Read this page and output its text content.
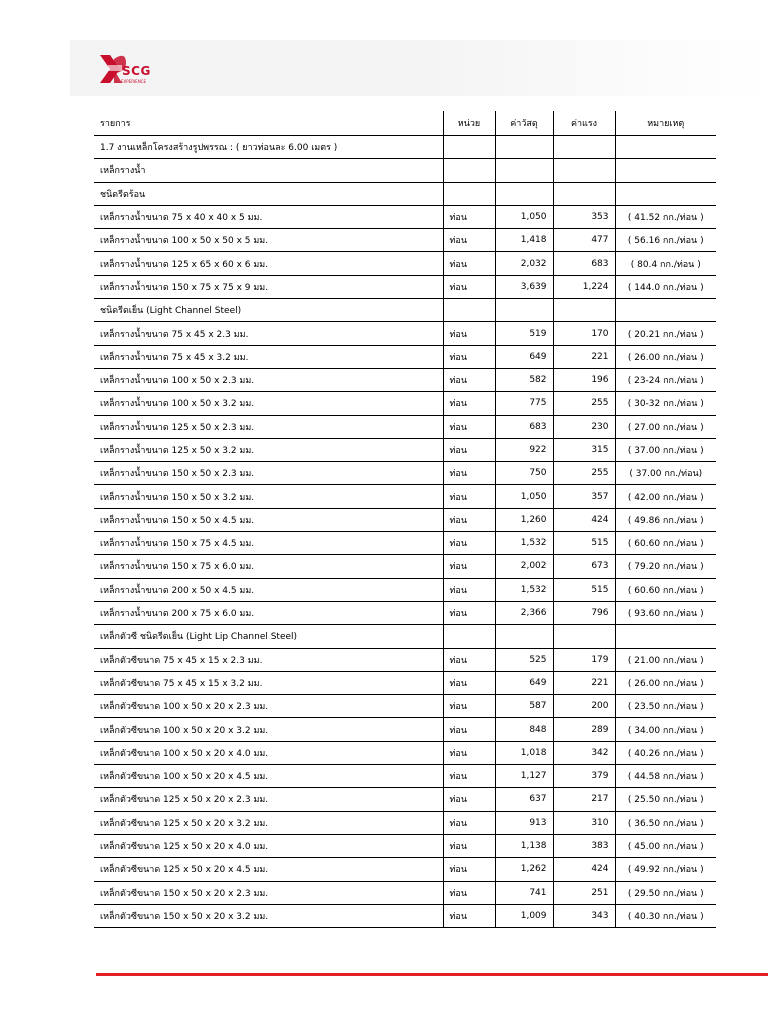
SCG
EXPERIENCE
รายการ	หน่วย	ค่าวัสดุ	ค่าแรง	หมายเหตุ
1.7 งานเหล็กโครงสร้างรูปพรรณ : ( ยาวท่อนละ 6.00 เมตร )				
เหล็กรางน้ำ				
ชนิดรีดร้อน				
เหล็กรางน้ำขนาด 75 x 40 x 40 x 5 มม.	ท่อน	1,050	353	( 41.52 กก./ท่อน )
เหล็กรางน้ำขนาด 100 x 50 x 50 x 5 มม.	ท่อน	1,418	477	( 56.16 กก./ท่อน )
เหล็กรางน้ำขนาด 125 x 65 x 60 x 6 มม.	ท่อน	2,032	683	( 80.4 กก./ท่อน )
เหล็กรางน้ำขนาด 150 x 75 x 75 x 9 มม.	ท่อน	3,639	1,224	( 144.0 กก./ท่อน )
ชนิดรีดเย็น (Light Channel Steel)				
เหล็กรางน้ำขนาด 75 x 45 x 2.3 มม.	ท่อน	519	170	( 20.21 กก./ท่อน )
เหล็กรางน้ำขนาด 75 x 45 x 3.2 มม.	ท่อน	649	221	( 26.00 กก./ท่อน )
เหล็กรางน้ำขนาด 100 x 50 x 2.3 มม.	ท่อน	582	196	( 23-24 กก./ท่อน )
เหล็กรางน้ำขนาด 100 x 50 x 3.2 มม.	ท่อน	775	255	( 30-32 กก./ท่อน )
เหล็กรางน้ำขนาด 125 x 50 x 2.3 มม.	ท่อน	683	230	( 27.00 กก./ท่อน )
เหล็กรางน้ำขนาด 125 x 50 x 3.2 มม.	ท่อน	922	315	( 37.00 กก./ท่อน )
เหล็กรางน้ำขนาด 150 x 50 x 2.3 มม.	ท่อน	750	255	( 37.00 กก./ท่อน)
เหล็กรางน้ำขนาด 150 x 50 x 3.2 มม.	ท่อน	1,050	357	( 42.00 กก./ท่อน )
เหล็กรางน้ำขนาด 150 x 50 x 4.5 มม.	ท่อน	1,260	424	( 49.86 กก./ท่อน )
เหล็กรางน้ำขนาด 150 x 75 x 4.5 มม.	ท่อน	1,532	515	( 60.60 กก./ท่อน )
เหล็กรางน้ำขนาด 150 x 75 x 6.0 มม.	ท่อน	2,002	673	( 79.20 กก./ท่อน )
เหล็กรางน้ำขนาด 200 x 50 x 4.5 มม.	ท่อน	1,532	515	( 60.60 กก./ท่อน )
เหล็กรางน้ำขนาด 200 x 75 x 6.0 มม.	ท่อน	2,366	796	( 93.60 กก./ท่อน )
เหล็กตัวซี ชนิดรีดเย็น (Light Lip Channel Steel)				
เหล็กตัวซีขนาด 75 x 45 x 15 x 2.3 มม.	ท่อน	525	179	( 21.00 กก./ท่อน )
เหล็กตัวซีขนาด 75 x 45 x 15 x 3.2 มม.	ท่อน	649	221	( 26.00 กก./ท่อน )
เหล็กตัวซีขนาด 100 x 50 x 20 x 2.3 มม.	ท่อน	587	200	( 23.50 กก./ท่อน )
เหล็กตัวซีขนาด 100 x 50 x 20 x 3.2 มม.	ท่อน	848	289	( 34.00 กก./ท่อน )
เหล็กตัวซีขนาด 100 x 50 x 20 x 4.0 มม.	ท่อน	1,018	342	( 40.26 กก./ท่อน )
เหล็กตัวซีขนาด 100 x 50 x 20 x 4.5 มม.	ท่อน	1,127	379	( 44.58 กก./ท่อน )
เหล็กตัวซีขนาด 125 x 50 x 20 x 2.3 มม.	ท่อน	637	217	( 25.50 กก./ท่อน )
เหล็กตัวซีขนาด 125 x 50 x 20 x 3.2 มม.	ท่อน	913	310	( 36.50 กก./ท่อน )
เหล็กตัวซีขนาด 125 x 50 x 20 x 4.0 มม.	ท่อน	1,138	383	( 45.00 กก./ท่อน )
เหล็กตัวซีขนาด 125 x 50 x 20 x 4.5 มม.	ท่อน	1,262	424	( 49.92 กก./ท่อน )
เหล็กตัวซีขนาด 150 x 50 x 20 x 2.3 มม.	ท่อน	741	251	( 29.50 กก./ท่อน )
เหล็กตัวซีขนาด 150 x 50 x 20 x 3.2 มม.	ท่อน	1,009	343	( 40.30 กก./ท่อน )
